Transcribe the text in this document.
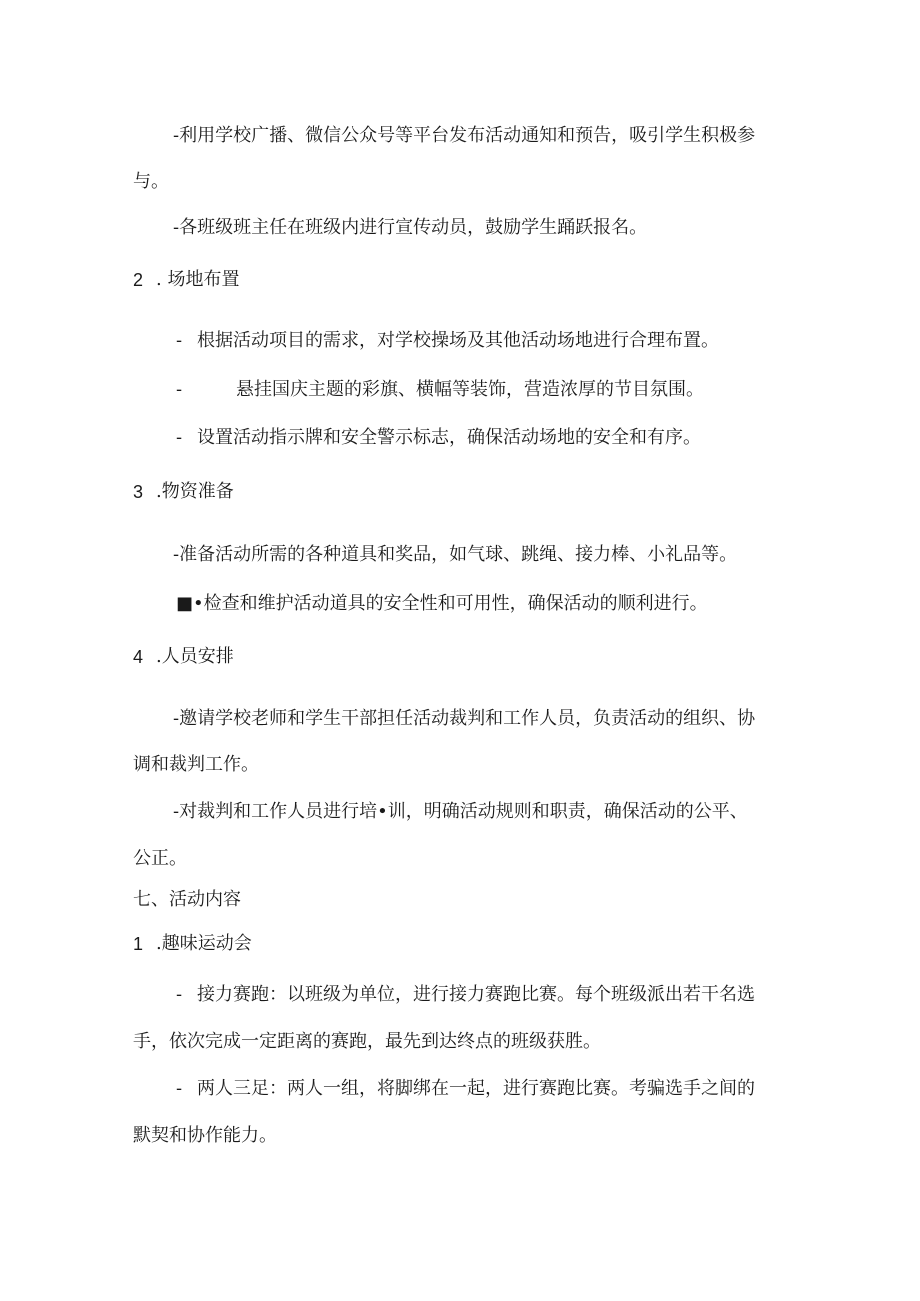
-利用学校广播、微信公众号等平台发布活动通知和预告，吸引学生积极参
与。
-各班级班主任在班级内进行宣传动员，鼓励学生踊跃报名。
2 . 场地布置
- 根据活动项目的需求，对学校操场及其他活动场地进行合理布置。
-	悬挂国庆主题的彩旗、横幅等装饰，营造浓厚的节目氛围。
- 设置活动指示牌和安全警示标志，确保活动场地的安全和有序。
3 .物资准备
-准备活动所需的各种道具和奖品，如气球、跳绳、接力棒、小礼品等。
■•检查和维护活动道具的安全性和可用性，确保活动的顺利进行。
4 .人员安排
-邀请学校老师和学生干部担任活动裁判和工作人员，负责活动的组织、协
调和裁判工作。
-对裁判和工作人员进行培•训，明确活动规则和职责，确保活动的公平、
公正。
七、活动内容
1 .趣味运动会
- 接力赛跑：以班级为单位，进行接力赛跑比赛。每个班级派出若干名选
手，依次完成一定距离的赛跑，最先到达终点的班级获胜。
- 两人三足：两人一组，将脚绑在一起，进行赛跑比赛。考骗选手之间的
默契和协作能力。
